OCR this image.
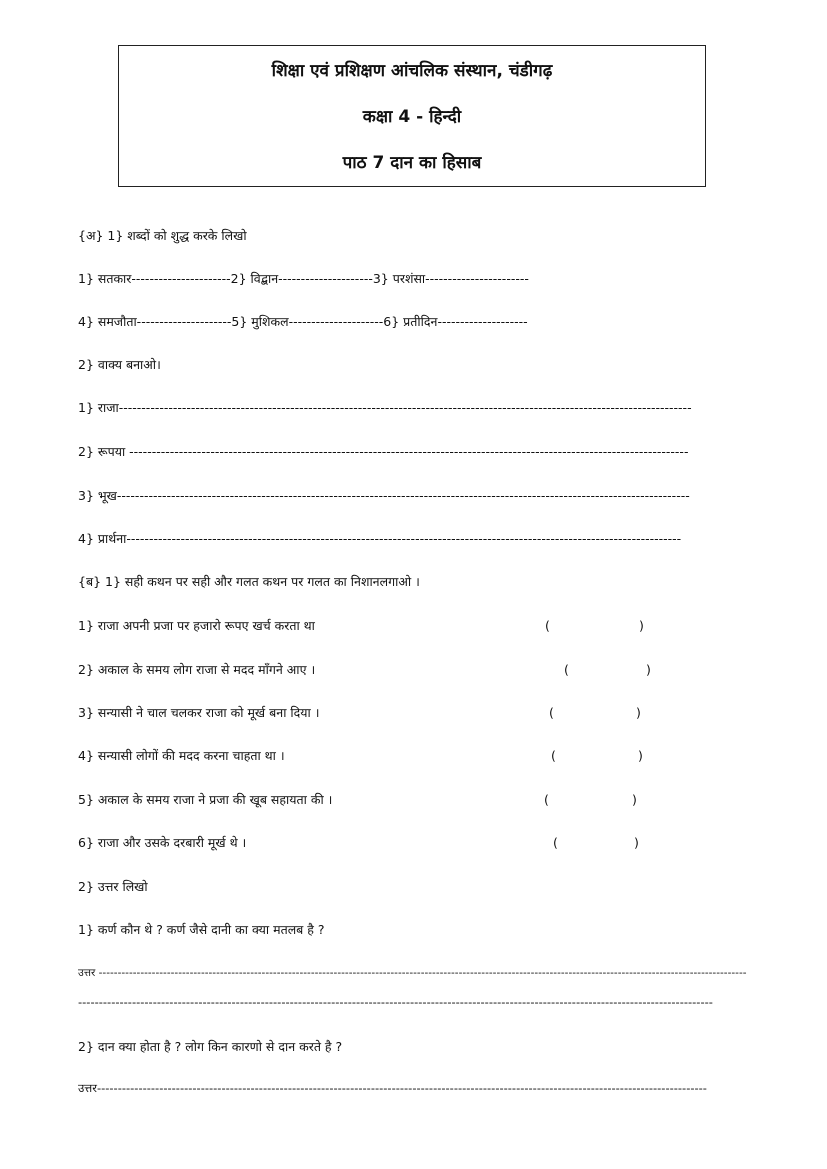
शिक्षा एवं प्रशिक्षण आंचलिक संस्थान, चंडीगढ़
कक्षा 4 - हिन्दी
पाठ 7 दान का हिसाब
{अ} 1} शब्दों को शुद्ध करके लिखो
1} सतकार----------------------2} विद्बान---------------------3} परशंसा-----------------------
4} समजौता---------------------5} मुशिकल---------------------6} प्रतीदिन--------------------
2} वाक्य बनाओ।
1} राजा-------------------------------------------------------------------------------------------------------------------------------
2} रूपया ----------------------------------------------------------------------------------------------------------------------------
3} भूख-------------------------------------------------------------------------------------------------------------------------------
4} प्रार्थना---------------------------------------------------------------------------------------------------------------------------
{ब} 1} सही कथन पर सही और गलत कथन पर गलत का निशानलगाओ ।
1} राजा अपनी प्रजा पर हजारो रूपए खर्च करता था	(	)
2} अकाल के समय लोग राजा से मदद माँगने आए ।	(	)
3} सन्यासी ने चाल चलकर राजा को मूर्ख बना दिया ।	(	)
4} सन्यासी लोगों की मदद करना चाहता था ।	(	)
5} अकाल के समय राजा ने प्रजा की खूब सहायता की ।	(	)
6} राजा और उसके दरबारी मूर्ख थे ।	(	)
2} उत्तर लिखो
1} कर्ण कौन थे ? कर्ण जैसे दानी का क्या मतलब है ?
उत्तर ---------------------------------------------------------------------------------------------------------------------------------------------------------------------------
---------------------------------------------------------------------------------------------------------------------------------------------------------
2} दान क्या होता है ? लोग किन कारणो से दान करते है ?
उत्तर---------------------------------------------------------------------------------------------------------------------------------------------------
